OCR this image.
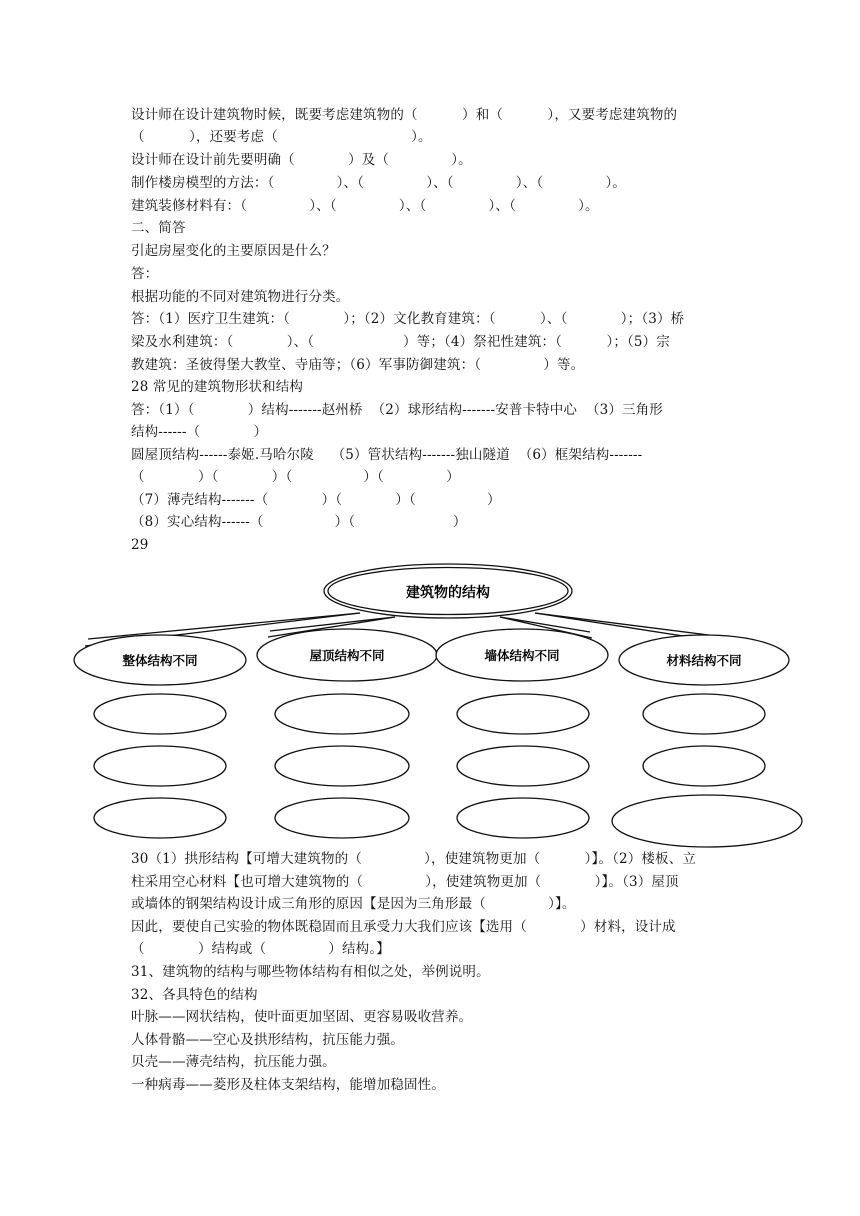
设计师在设计建筑物时候，既要考虑建筑物的（          ）和（          ），又要考虑建筑物的
（          ），还要考虑（                              ）。
设计师在设计前先要明确（            ）及（              ）。
制作楼房模型的方法：（              ）、（              ）、（              ）、（              ）。
建筑装修材料有：（              ）、（              ）、（              ）、（              ）。
二、简答
引起房屋变化的主要原因是什么？
答：
根据功能的不同对建筑物进行分类。
答：（1）医疗卫生建筑：（            ）；（2）文化教育建筑：（          ）、（            ）；（3）桥
梁及水利建筑：（            ）、（                    ）等；（4）祭祀性建筑：（          ）；（5）宗
教建筑：圣彼得堡大教堂、寺庙等；（6）军事防御建筑：（              ）等。
28 常见的建筑物形状和结构
答：（1）（            ）结构-------赵州桥  （2）球形结构-------安普卡特中心  （3）三角形
结构------（            ）
圆屋顶结构------泰姬.马哈尔陵    （5）管状结构-------独山隧道  （6）框架结构-------
（            ）（            ）（                ）（              ）
（7）薄壳结构-------（            ）（            ）（                ）
（8）实心结构------（                ）（                      ）
29
建筑物的结构
整体结构不同	屋顶结构不同	墙体结构不同	材料结构不同
30（1）拱形结构【可增大建筑物的（              ），使建筑物更加（          ）】。（2）楼板、立
柱采用空心材料【也可增大建筑物的（              ），使建筑物更加（            ）】。（3）屋顶
或墙体的钢架结构设计成三角形的原因【是因为三角形最（              ）】。
因此，要使自己实验的物体既稳固而且承受力大我们应该【选用（            ）材料，设计成
（            ）结构或（              ）结构。】
31、建筑物的结构与哪些物体结构有相似之处，举例说明。
32、各具特色的结构
叶脉——网状结构，使叶面更加坚固、更容易吸收营养。
人体骨骼——空心及拱形结构，抗压能力强。
贝壳——薄壳结构，抗压能力强。
一种病毒——菱形及柱体支架结构，能增加稳固性。
